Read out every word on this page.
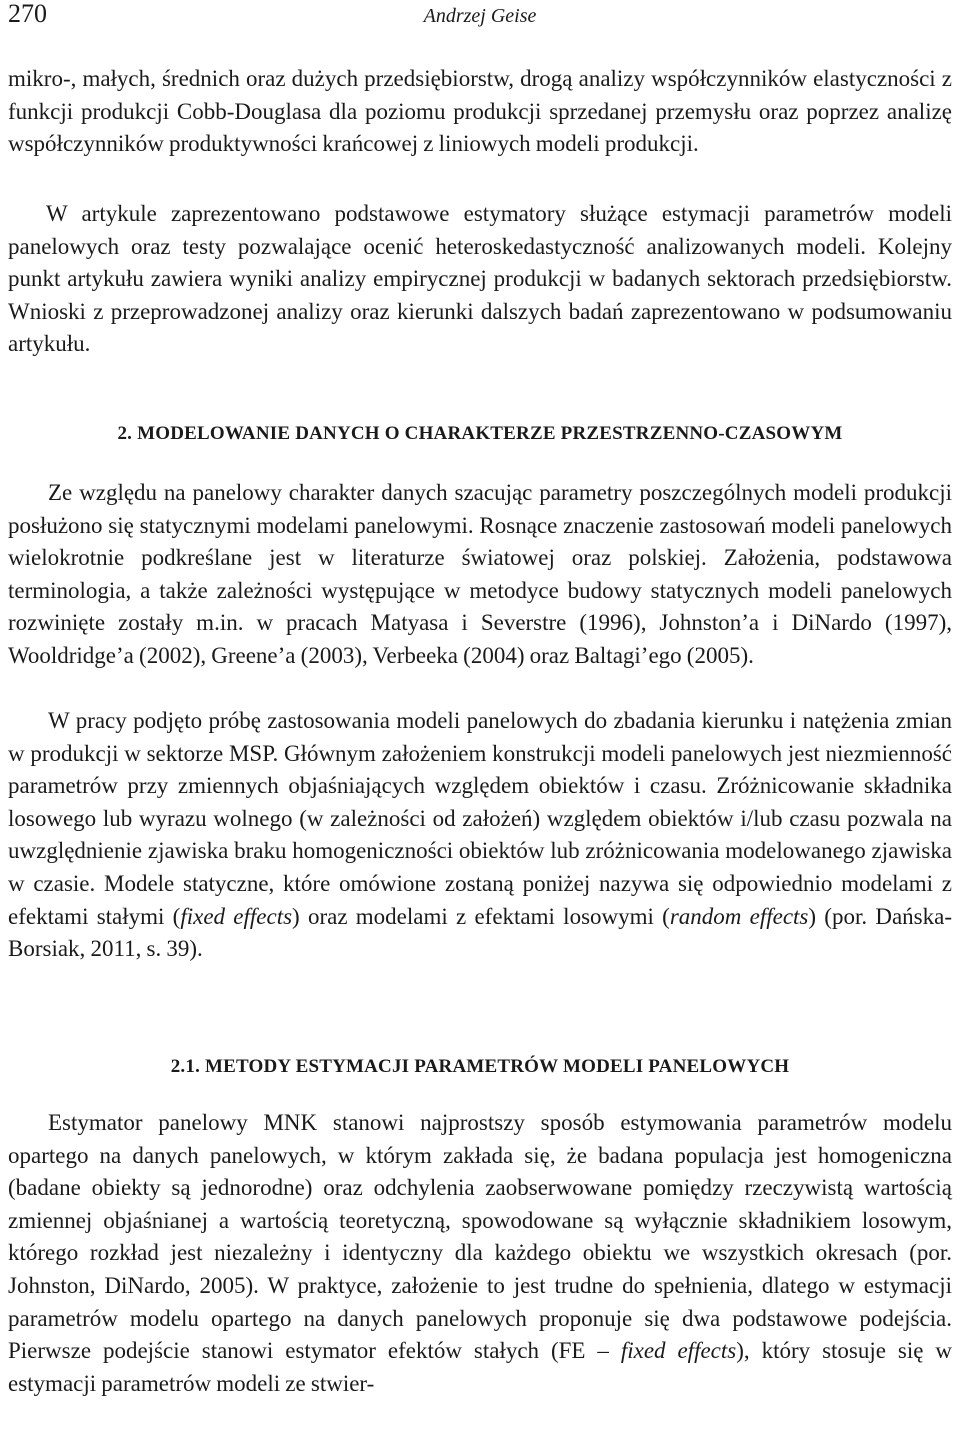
270	Andrzej Geise

mikro-, małych, średnich oraz dużych przedsiębiorstw, drogą analizy współczynników elastyczności z funkcji produkcji Cobb-Douglasa dla poziomu produkcji sprzedanej przemysłu oraz poprzez analizę współczynników produktywności krańcowej z liniowych modeli produkcji.

W artykule zaprezentowano podstawowe estymatory służące estymacji parametrów modeli panelowych oraz testy pozwalające ocenić heteroskedastyczność analizowanych modeli. Kolejny punkt artykułu zawiera wyniki analizy empirycznej produkcji w badanych sektorach przedsiębiorstw. Wnioski z przeprowadzonej analizy oraz kierunki dalszych badań zaprezentowano w podsumowaniu artykułu.

2. MODELOWANIE DANYCH O CHARAKTERZE PRZESTRZENNO-CZASOWYM

Ze względu na panelowy charakter danych szacując parametry poszczególnych modeli produkcji posłużono się statycznymi modelami panelowymi. Rosnące znaczenie zastosowań modeli panelowych wielokrotnie podkreślane jest w literaturze światowej oraz polskiej. Założenia, podstawowa terminologia, a także zależności występujące w metodyce budowy statycznych modeli panelowych rozwinięte zostały m.in. w pracach Matyasa i Severstre (1996), Johnston’a i DiNardo (1997), Wooldridge’a (2002), Greene’a (2003), Verbeeka (2004) oraz Baltagi’ego (2005).

W pracy podjęto próbę zastosowania modeli panelowych do zbadania kierunku i natężenia zmian w produkcji w sektorze MSP. Głównym założeniem konstrukcji modeli panelowych jest niezmienność parametrów przy zmiennych objaśniających względem obiektów i czasu. Zróżnicowanie składnika losowego lub wyrazu wolnego (w zależności od założeń) względem obiektów i/lub czasu pozwala na uwzględnienie zjawiska braku homogeniczności obiektów lub zróżnicowania modelowanego zjawiska w czasie. Modele statyczne, które omówione zostaną poniżej nazywa się odpowiednio modelami z efektami stałymi (fixed effects) oraz modelami z efektami losowymi (random effects) (por. Dańska-Borsiak, 2011, s. 39).

2.1. METODY ESTYMACJI PARAMETRÓW MODELI PANELOWYCH

Estymator panelowy MNK stanowi najprostszy sposób estymowania parametrów modelu opartego na danych panelowych, w którym zakłada się, że badana populacja jest homogeniczna (badane obiekty są jednorodne) oraz odchylenia zaobserwowane pomiędzy rzeczywistą wartością zmiennej objaśnianej a wartością teoretyczną, spowodowane są wyłącznie składnikiem losowym, którego rozkład jest niezależny i identyczny dla każdego obiektu we wszystkich okresach (por. Johnston, DiNardo, 2005). W praktyce, założenie to jest trudne do spełnienia, dlatego w estymacji parametrów modelu opartego na danych panelowych proponuje się dwa podstawowe podejścia. Pierwsze podejście stanowi estymator efektów stałych (FE – fixed effects), który stosuje się w estymacji parametrów modeli ze stwier-
